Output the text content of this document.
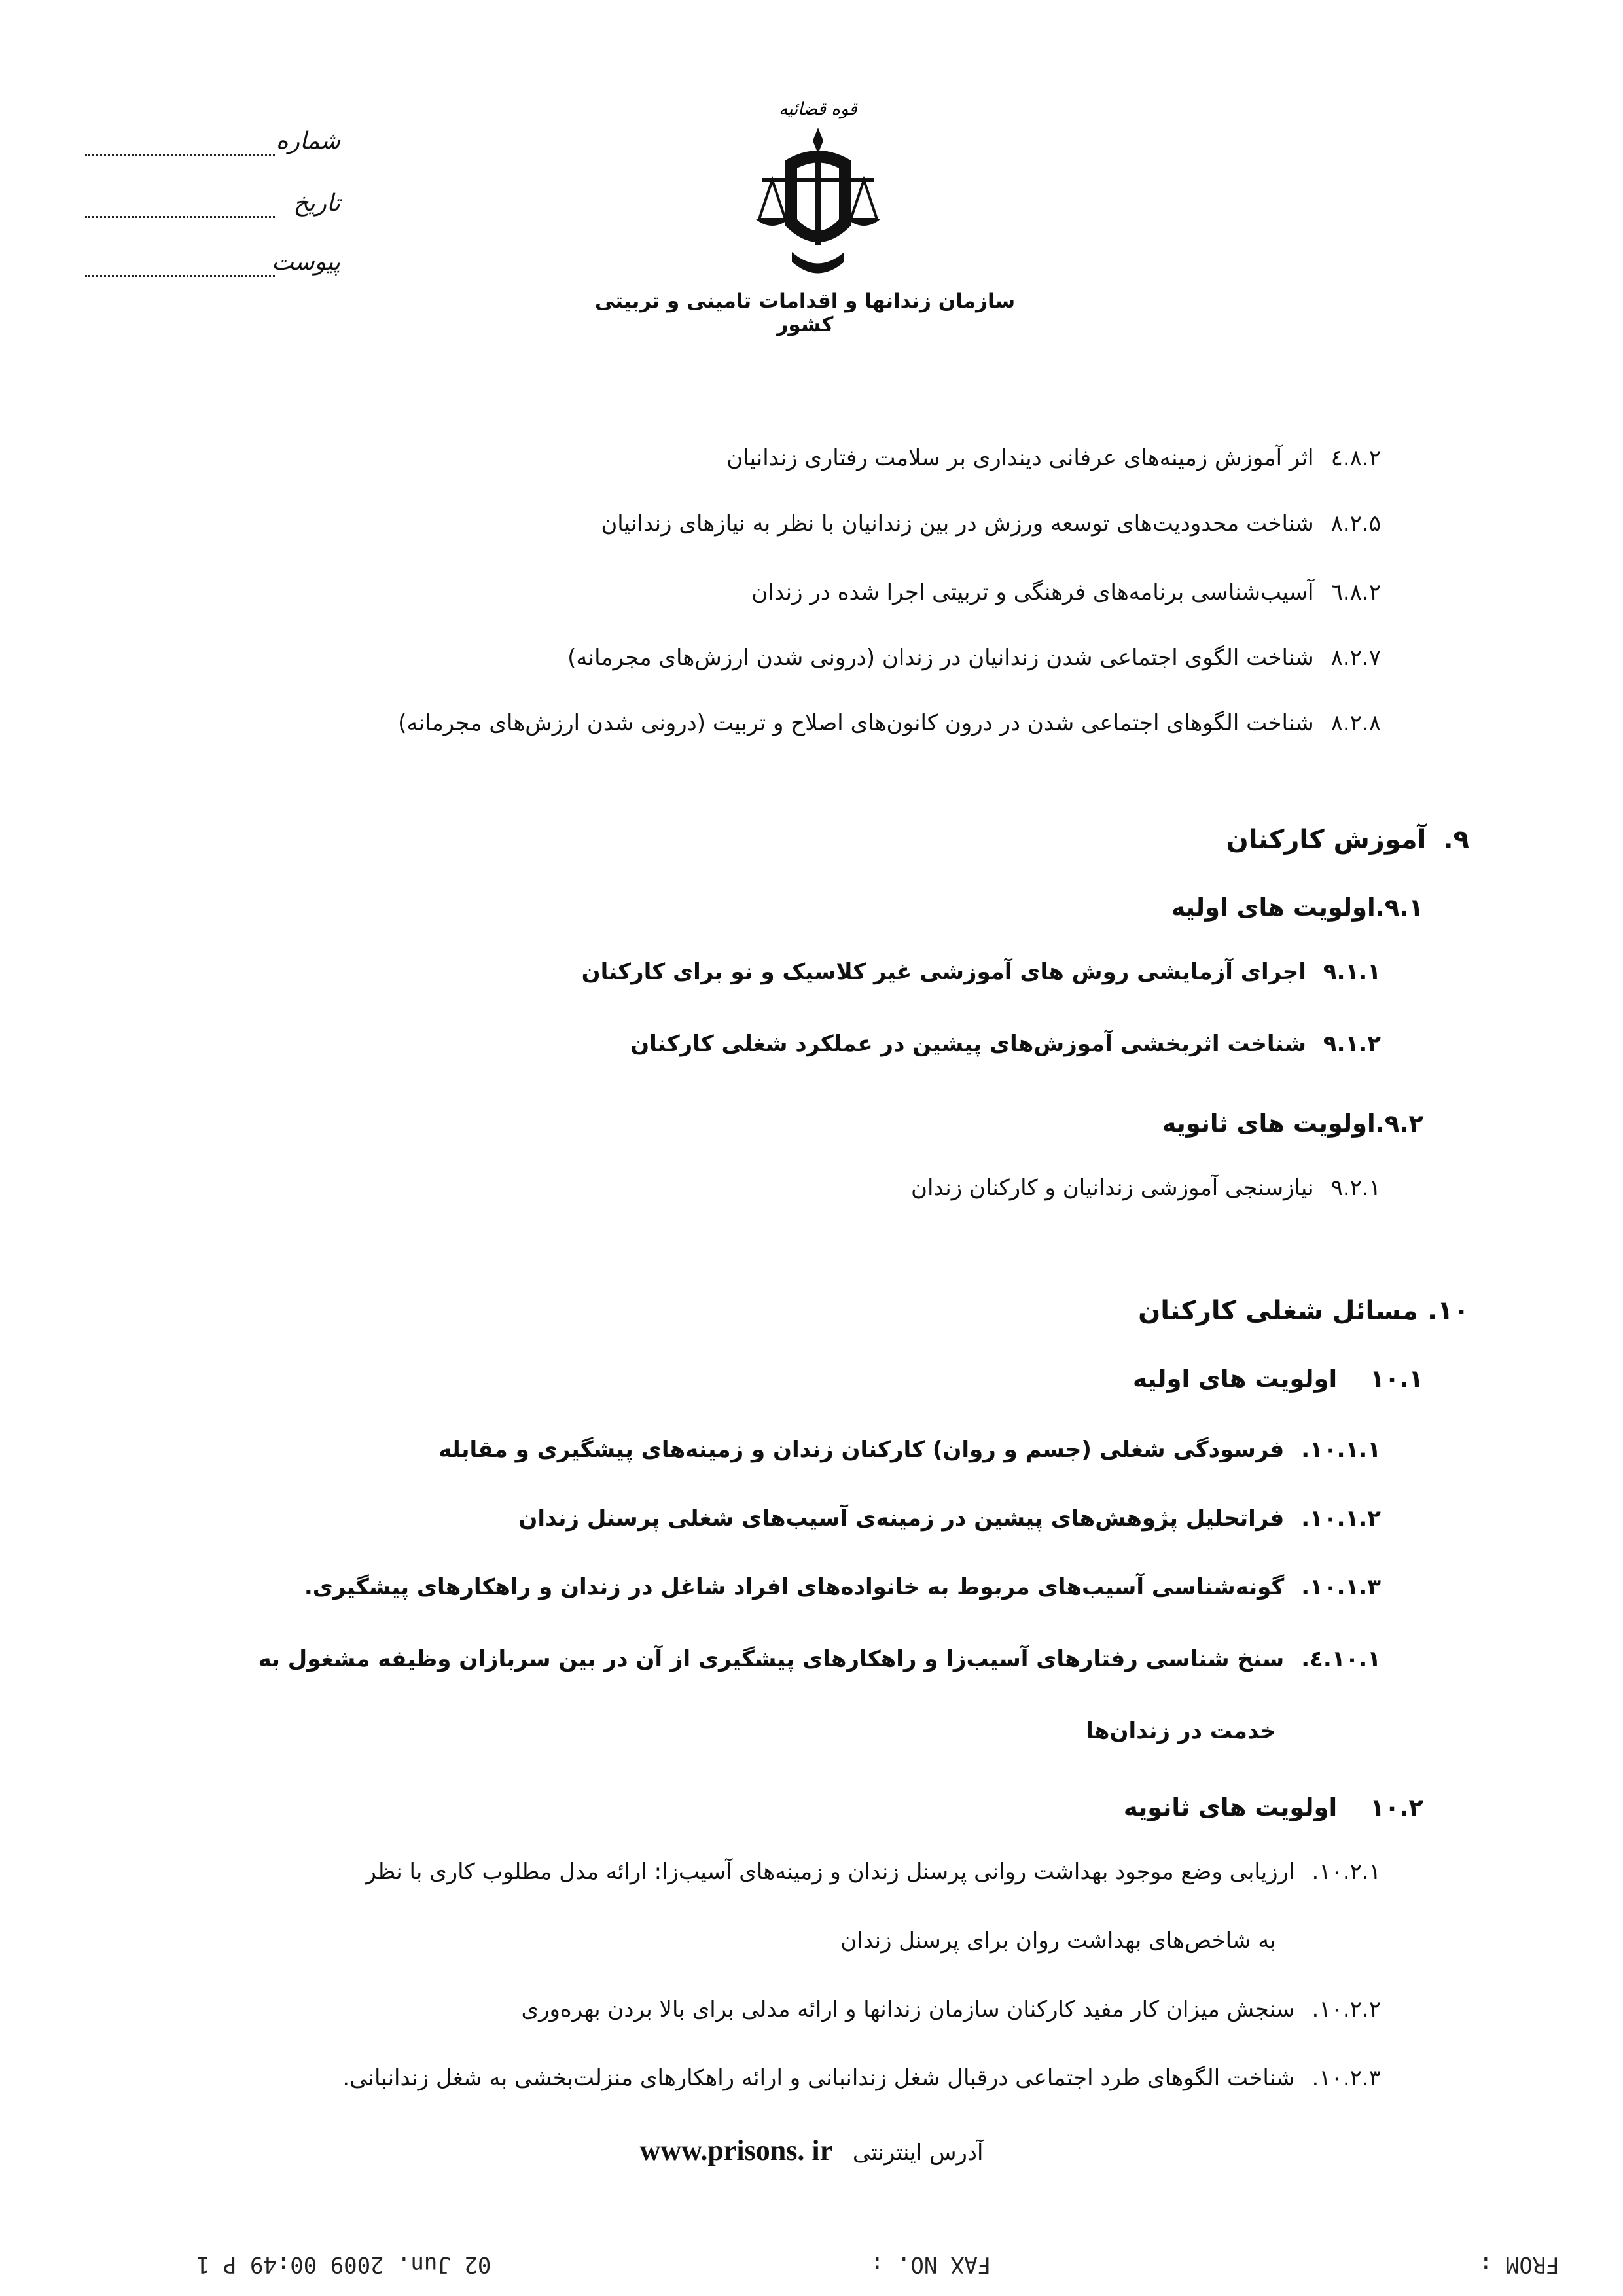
قوه قضائیه
سازمان زندانها و اقدامات تامینی و تربیتی کشور
شماره
تاریخ
پیوست
۸.۲.٤اثر آموزش زمینه‌های عرفانی دینداری بر سلامت رفتاری زندانیان
۸.۲.۵شناخت محدودیت‌های توسعه ورزش در بین زندانیان با نظر به نیازهای زندانیان
۸.۲.٦آسیب‌شناسی برنامه‌های فرهنگی و تربیتی اجرا شده در زندان
۸.۲.۷شناخت الگوی اجتماعی شدن زندانیان در زندان (درونی شدن ارزش‌های مجرمانه)
۸.۲.۸شناخت الگوهای اجتماعی شدن در درون کانون‌های اصلاح و تربیت (درونی شدن ارزش‌های مجرمانه)
۹.آموزش کارکنان
۹.۱.اولویت های اولیه
۹.۱.۱اجرای آزمایشی روش های آموزشی غیر کلاسیک و نو برای کارکنان
۹.۱.۲شناخت اثربخشی آموزش‌های پیشین در عملکرد شغلی کارکنان
۹.۲.اولویت های ثانویه
۹.۲.۱نیازسنجی آموزشی زندانیان و کارکنان زندان
۱۰.مسائل شغلی کارکنان
۱۰.۱اولویت های اولیه
۱۰.۱.۱.فرسودگی شغلی (جسم و روان) کارکنان زندان و زمینه‌های پیشگیری و مقابله
۱۰.۱.۲.فراتحلیل پژوهش‌های پیشین در زمینه‌ی آسیب‌های شغلی پرسنل زندان
۱۰.۱.۳.گونه‌شناسی آسیب‌های مربوط به خانواده‌های افراد شاغل در زندان و راهکارهای پیشگیری.
۱۰.۱.٤.سنخ شناسی رفتارهای آسیب‌زا و راهکارهای پیشگیری از آن در بین سربازان وظیفه مشغول به
خدمت در زندان‌ها
۱۰.۲اولویت های ثانویه
۱۰.۲.۱.ارزیابی وضع موجود بهداشت روانی پرسنل زندان و زمینه‌های آسیب‌زا: ارائه مدل مطلوب کاری با نظر
به شاخص‌های بهداشت روان برای پرسنل زندان
۱۰.۲.۲.سنجش میزان کار مفید کارکنان سازمان زندانها و ارائه مدلی برای بالا بردن بهره‌وری
۱۰.۲.۳.شناخت الگوهای طرد اجتماعی درقبال شغل زندانبانی و ارائه راهکارهای منزلت‌بخشی به شغل زندانبانی.
آدرس اینترنتی www.prisons. ir
FROM :
FAX NO. :
02 Jun. 2009 00:49 P 1
